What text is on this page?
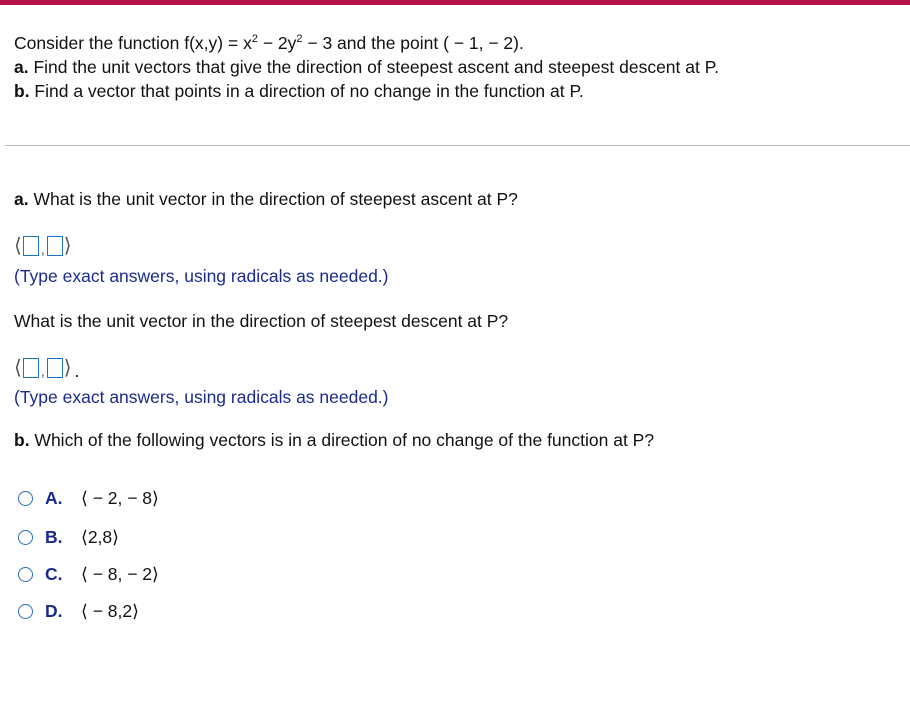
Consider the function $f(x,y) = x^2 - 2y^2 - 3$ and the point ( − 1, − 2).

a. Find the unit vectors that give the direction of steepest ascent and steepest descent at P.

b. Find a vector that points in a direction of no change in the function at P.

a. What is the unit vector in the direction of steepest ascent at P?
⟨ , ⟩
(Type exact answers, using radicals as needed.)
What is the unit vector in the direction of steepest descent at P?
⟨ , ⟩ .
(Type exact answers, using radicals as needed.)
b. Which of the following vectors is in a direction of no change of the function at P?
A.	⟨ − 2, − 8⟩
B.	⟨2,8⟩
C.	⟨ − 8, − 2⟩
D.	⟨ − 8,2⟩
